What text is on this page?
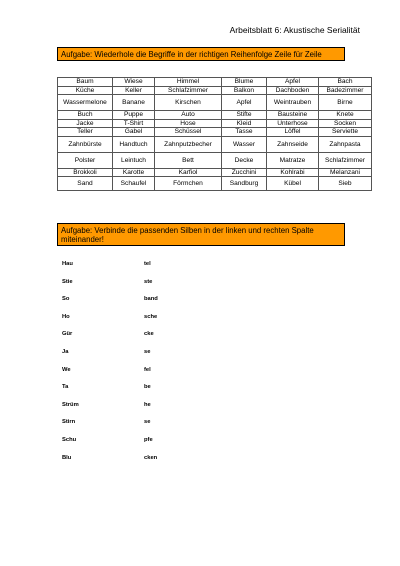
Arbeitsblatt 6: Akustische Serialität
Aufgabe: Wiederhole die Begriffe in der richtigen Reihenfolge Zeile für Zeile
Baum	Wiese	Himmel	Blume	Apfel	Bach
Küche	Keller	Schlafzimmer	Balkon	Dachboden	Badezimmer
Wassermelone	Banane	Kirschen	Apfel	Weintrauben	Birne
Buch	Puppe	Auto	Stifte	Bausteine	Knete
Jacke	T-Shirt	Hose	Kleid	Unterhose	Socken
Teller	Gabel	Schüssel	Tasse	Löffel	Serviette
Zahnbürste	Handtuch	Zahnputzbecher	Wasser	Zahnseide	Zahnpasta
Polster	Leintuch	Bett	Decke	Matratze	Schlafzimmer
Brokkoli	Karotte	Karfiol	Zucchini	Kohlrabi	Melanzani
Sand	Schaufel	Förmchen	Sandburg	Kübel	Sieb
Aufgabe: Verbinde die passenden Silben in der linken und rechten Spalte miteinander!
Hau	tel
Stie	ste
So	band
Ho	sche
Gür	cke
Ja	se
We	fel
Ta	be
Strüm	he
Stirn	se
Schu	pfe
Blu	cken
